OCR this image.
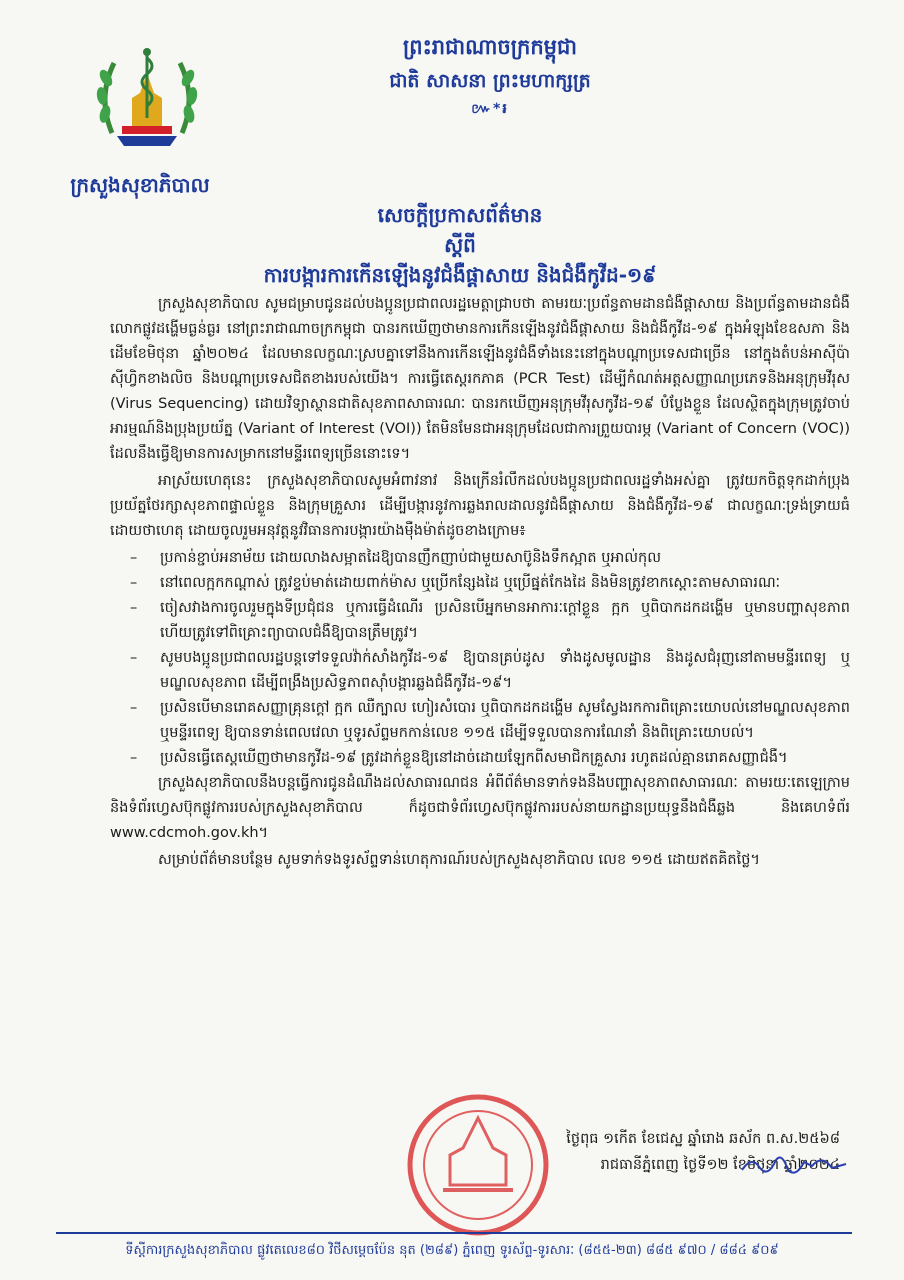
ក្រសួងសុខាភិបាល
ព្រះរាជាណាចក្រកម្ពុជា
ជាតិ សាសនា ព្រះមហាក្សត្រ
៚*៛
សេចក្ដីប្រកាសព័ត៌មាន
ស្ដីពី
ការបង្ការការកើនឡើងនូវជំងឺផ្ដាសាយ និងជំងឺកូវីដ-១៩

ក្រសួងសុខាភិបាល សូមជម្រាបជូនដល់បងប្អូនប្រជាពលរដ្ឋមេត្តាជ្រាបថា តាមរយៈប្រព័ន្ធតាមដានជំងឺផ្ដាសាយ និងប្រព័ន្ធតាមដានជំងឺលោកផ្លូវដង្ហើមធ្ងន់ធ្ងរ នៅព្រះរាជាណាចក្រកម្ពុជា បានរកឃើញថាមានការកើនឡើងនូវជំងឺផ្ដាសាយ និងជំងឺកូវីដ-១៩ ក្នុងអំឡុងខែឧសភា និងដើមខែមិថុនា ឆ្នាំ២០២៤ ដែលមានលក្ខណៈស្របគ្នាទៅនឹងការកើនឡើងនូវជំងឺទាំងនេះនៅក្នុងបណ្ដាប្រទេសជាច្រើន នៅក្នុងតំបន់អាស៊ីប៉ាស៊ីហ្វិកខាងលិច និងបណ្ដាប្រទេសជិតខាងរបស់យើង។ ការធ្វើតេស្ដរកភាគ (PCR Test) ដើម្បីកំណត់អត្តសញ្ញាណប្រភេទនិងអនុក្រុមវីរុស (Virus Sequencing) ដោយវិទ្យាស្ថានជាតិសុខភាពសាធារណៈ បានរកឃើញអនុក្រុមវីរុសកូវីដ-១៩ បំប្លែងខ្លួន ដែលស្ថិតក្នុងក្រុមត្រូវចាប់អារម្មណ៍និងប្រុងប្រយ័ត្ន (Variant of Interest (VOI)) តែមិនមែនជាអនុក្រុមដែលជាការព្រួយបារម្ភ (Variant of Concern (VOC)) ដែលនឹងធ្វើឱ្យមានការសម្រាកនៅមន្ទីរពេទ្យច្រើននោះទេ។

អាស្រ័យហេតុនេះ ក្រសួងសុខាភិបាលសូមអំពាវនាវ និងក្រើនរំលឹកដល់បងប្អូនប្រជាពលរដ្ឋទាំងអស់គ្នា ត្រូវយកចិត្តទុកដាក់ប្រុងប្រយ័ត្នថែរក្សាសុខភាពផ្ទាល់ខ្លួន និងក្រុមគ្រួសារ ដើម្បីបង្ការនូវការឆ្លងរាលដាលនូវជំងឺផ្ដាសាយ និងជំងឺកូវីដ-១៩ ជាលក្ខណៈទ្រង់ទ្រាយធំដោយថាហេតុ ដោយចូលរួមអនុវត្តនូវវិធានការបង្ការយ៉ាងម៉ឺងម៉ាត់ដូចខាងក្រោម៖

– ប្រកាន់ខ្ជាប់អនាម័យ ដោយលាងសម្អាតដៃឱ្យបានញឹកញាប់ជាមួយសាប៊ូនិងទឹកស្អាត ឬអាល់កុល
– នៅពេលក្អកកណ្ដាស់ ត្រូវខ្ទប់មាត់ដោយពាក់ម៉ាស ឬប្រើកន្សែងដៃ ឬប្រើផ្នត់កែងដៃ និងមិនត្រូវខាកស្ដោះតាមសាធារណៈ
– ចៀសវាងការចូលរួមក្នុងទីប្រជុំជន ឬការធ្វើដំណើរ ប្រសិនបើអ្នកមានអាការៈក្ដៅខ្លួន ក្អក ឬពិបាកដកដង្ហើម ឬមានបញ្ហាសុខភាព ហើយត្រូវទៅពិគ្រោះព្យាបាលជំងឺឱ្យបានត្រឹមត្រូវ។
– សូមបងប្អូនប្រជាពលរដ្ឋបន្តទៅទទួលវ៉ាក់សាំងកូវីដ-១៩ ឱ្យបានគ្រប់ដូស ទាំងដូសមូលដ្ឋាន និងដូសជំរុញនៅតាមមន្ទីរពេទ្យ ឬមណ្ឌលសុខភាព ដើម្បីពង្រឹងប្រសិទ្ធភាពស៊ាំបង្ការឆ្លងជំងឺកូវីដ-១៩។
– ប្រសិនបើមានរោគសញ្ញាគ្រុនក្ដៅ ក្អក ឈឺក្បាល ហៀរសំបោរ ឬពិបាកដកដង្ហើម សូមស្វែងរកការពិគ្រោះយោបល់នៅមណ្ឌលសុខភាព ឬមន្ទីរពេទ្យ ឱ្យបានទាន់ពេលវេលា ឬទូរស័ព្ទមកកាន់លេខ ១១៥ ដើម្បីទទួលបានការណែនាំ និងពិគ្រោះយោបល់។
– ប្រសិនធ្វើតេស្ដឃើញថាមានកូវីដ-១៩ ត្រូវដាក់ខ្លួនឱ្យនៅដាច់ដោយឡែកពីសមាជិកគ្រួសារ រហូតដល់គ្មានរោគសញ្ញាជំងឺ។

ក្រសួងសុខាភិបាលនឹងបន្តធ្វើការជូនដំណឹងដល់សាធារណជន អំពីព័ត៌មានទាក់ទងនឹងបញ្ហាសុខភាពសាធារណៈ តាមរយៈតេឡេក្រាម និងទំព័រហ្វេសប៊ុកផ្លូវការរបស់ក្រសួងសុខាភិបាល ក៏ដូចជាទំព័រហ្វេសប៊ុកផ្លូវការរបស់នាយកដ្ឋានប្រយុទ្ធនឹងជំងឺឆ្លង និងគេហទំព័រ www.cdcmoh.gov.kh។

សម្រាប់ព័ត៌មានបន្ថែម សូមទាក់ទងទូរស័ព្ទទាន់ហេតុការណ៍របស់ក្រសួងសុខាភិបាល លេខ ១១៥ ដោយឥតគិតថ្លៃ។

ថ្ងៃពុធ ១កើត ខែជេស្ឋ ឆ្នាំរោង ឆស័ក ព.ស.២៥៦៨
រាជធានីភ្នំពេញ ថ្ងៃទី១២ ខែមិថុនា ឆ្នាំ២០២៤
ទីស្ដីការក្រសួងសុខាភិបាល ផ្លូវតេលេខ៨០ វិថីសម្ដេចប៉ែន នុត (២៨៩) ភ្នំពេញ ទូរស័ព្ទ-ទូរសារៈ (៨៥៥-២៣) ៨៨៥ ៩៧០ / ៨៨៤ ៩០៩
